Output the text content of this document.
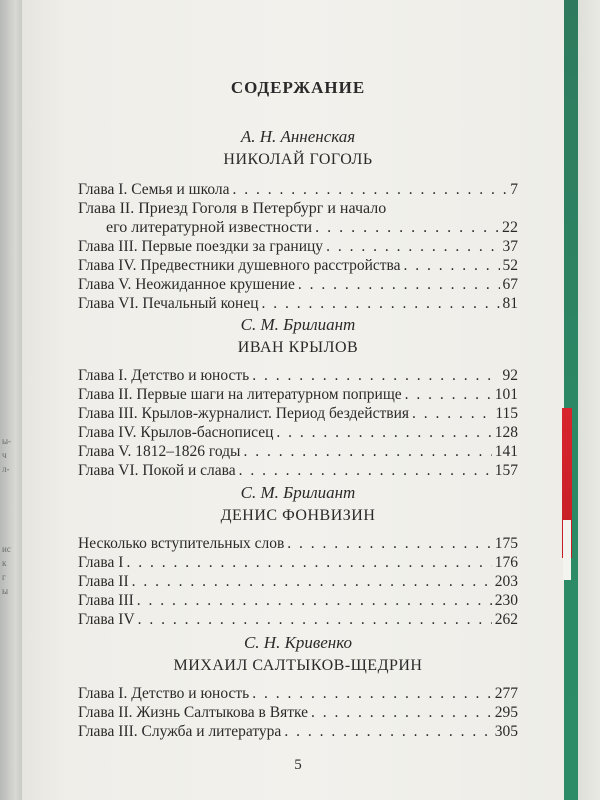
ы-
ч
л-
ис
к
г
ы
СОДЕРЖАНИЕ
А. Н. Анненская
НИКОЛАЙ ГОГОЛЬ
Глава I. Семья и школа . . .	7
Глава II. Приезд Гоголя в Петербург и начало
его литературной известности . . .	22
Глава III. Первые поездки за границу . . .	37
Глава IV. Предвестники душевного расстройства . . .	52
Глава V. Неожиданное крушение . . .	67
Глава VI. Печальный конец . . .	81
С. М. Брилиант
ИВАН КРЫЛОВ
Глава I. Детство и юность . . .	92
Глава II. Первые шаги на литературном поприще . . .	101
Глава III. Крылов-журналист. Период бездействия . . .	115
Глава IV. Крылов-баснописец . . .	128
Глава V. 1812–1826 годы . . .	141
Глава VI. Покой и слава . . .	157
С. М. Брилиант
ДЕНИС ФОНВИЗИН
Несколько вступительных слов . . .	175
Глава I . . .	176
Глава II . . .	203
Глава III . . .	230
Глава IV . . .	262
С. Н. Кривенко
МИХАИЛ САЛТЫКОВ-ЩЕДРИН
Глава I. Детство и юность . . .	277
Глава II. Жизнь Салтыкова в Вятке . . .	295
Глава III. Служба и литература . . .	305
5
